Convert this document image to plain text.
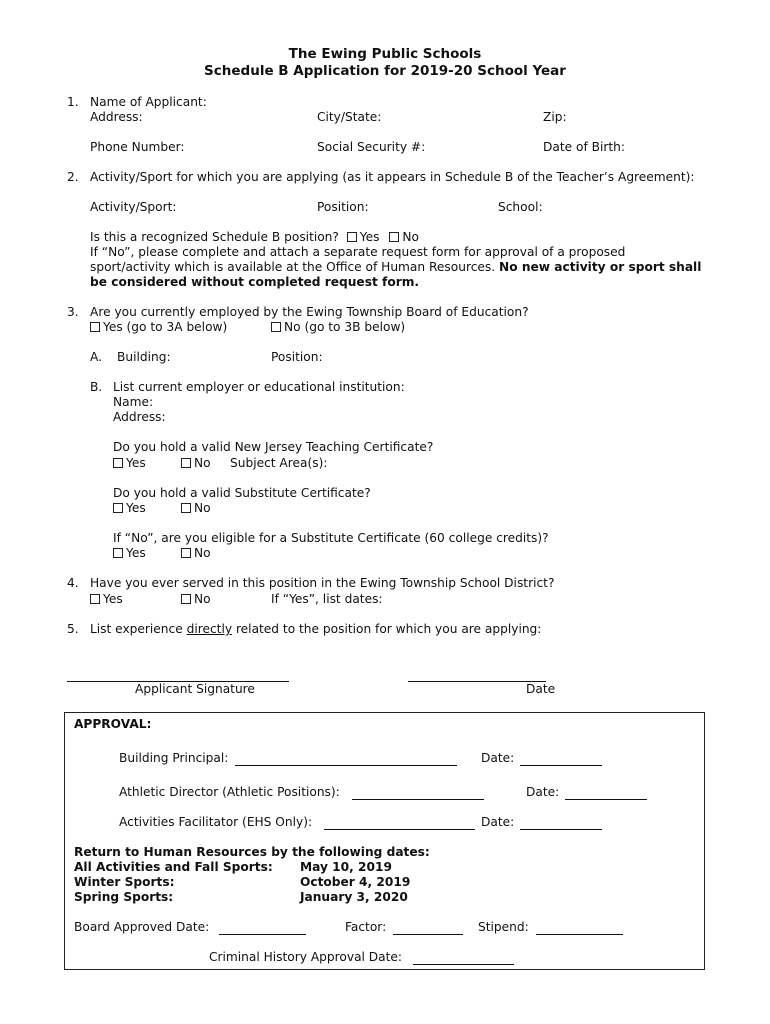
The Ewing Public Schools
Schedule B Application for 2019-20 School Year
1. Name of Applicant:
Address:	City/State:	Zip:
Phone Number:	Social Security #:	Date of Birth:
2. Activity/Sport for which you are applying (as it appears in Schedule B of the Teacher’s Agreement):
Activity/Sport:	Position:	School:
Is this a recognized Schedule B position? Yes No
If “No”, please complete and attach a separate request form for approval of a proposed
sport/activity which is available at the Office of Human Resources. No new activity or sport shall
be considered without completed request form.
3. Are you currently employed by the Ewing Township Board of Education?
Yes (go to 3A below)	No (go to 3B below)
A. Building:	Position:
B. List current employer or educational institution:
Name:
Address:
Do you hold a valid New Jersey Teaching Certificate?
Yes	No Subject Area(s):
Do you hold a valid Substitute Certificate?
Yes	No
If “No”, are you eligible for a Substitute Certificate (60 college credits)?
Yes	No
4. Have you ever served in this position in the Ewing Township School District?
Yes	No	If “Yes”, list dates:
5. List experience directly related to the position for which you are applying:
Applicant Signature	Date
APPROVAL:
Building Principal:	Date:
Athletic Director (Athletic Positions):	Date:
Activities Facilitator (EHS Only):	Date:
Return to Human Resources by the following dates:
All Activities and Fall Sports: May 10, 2019
Winter Sports:	October 4, 2019
Spring Sports:	January 3, 2020
Board Approved Date:	Factor:	Stipend:
Criminal History Approval Date:
